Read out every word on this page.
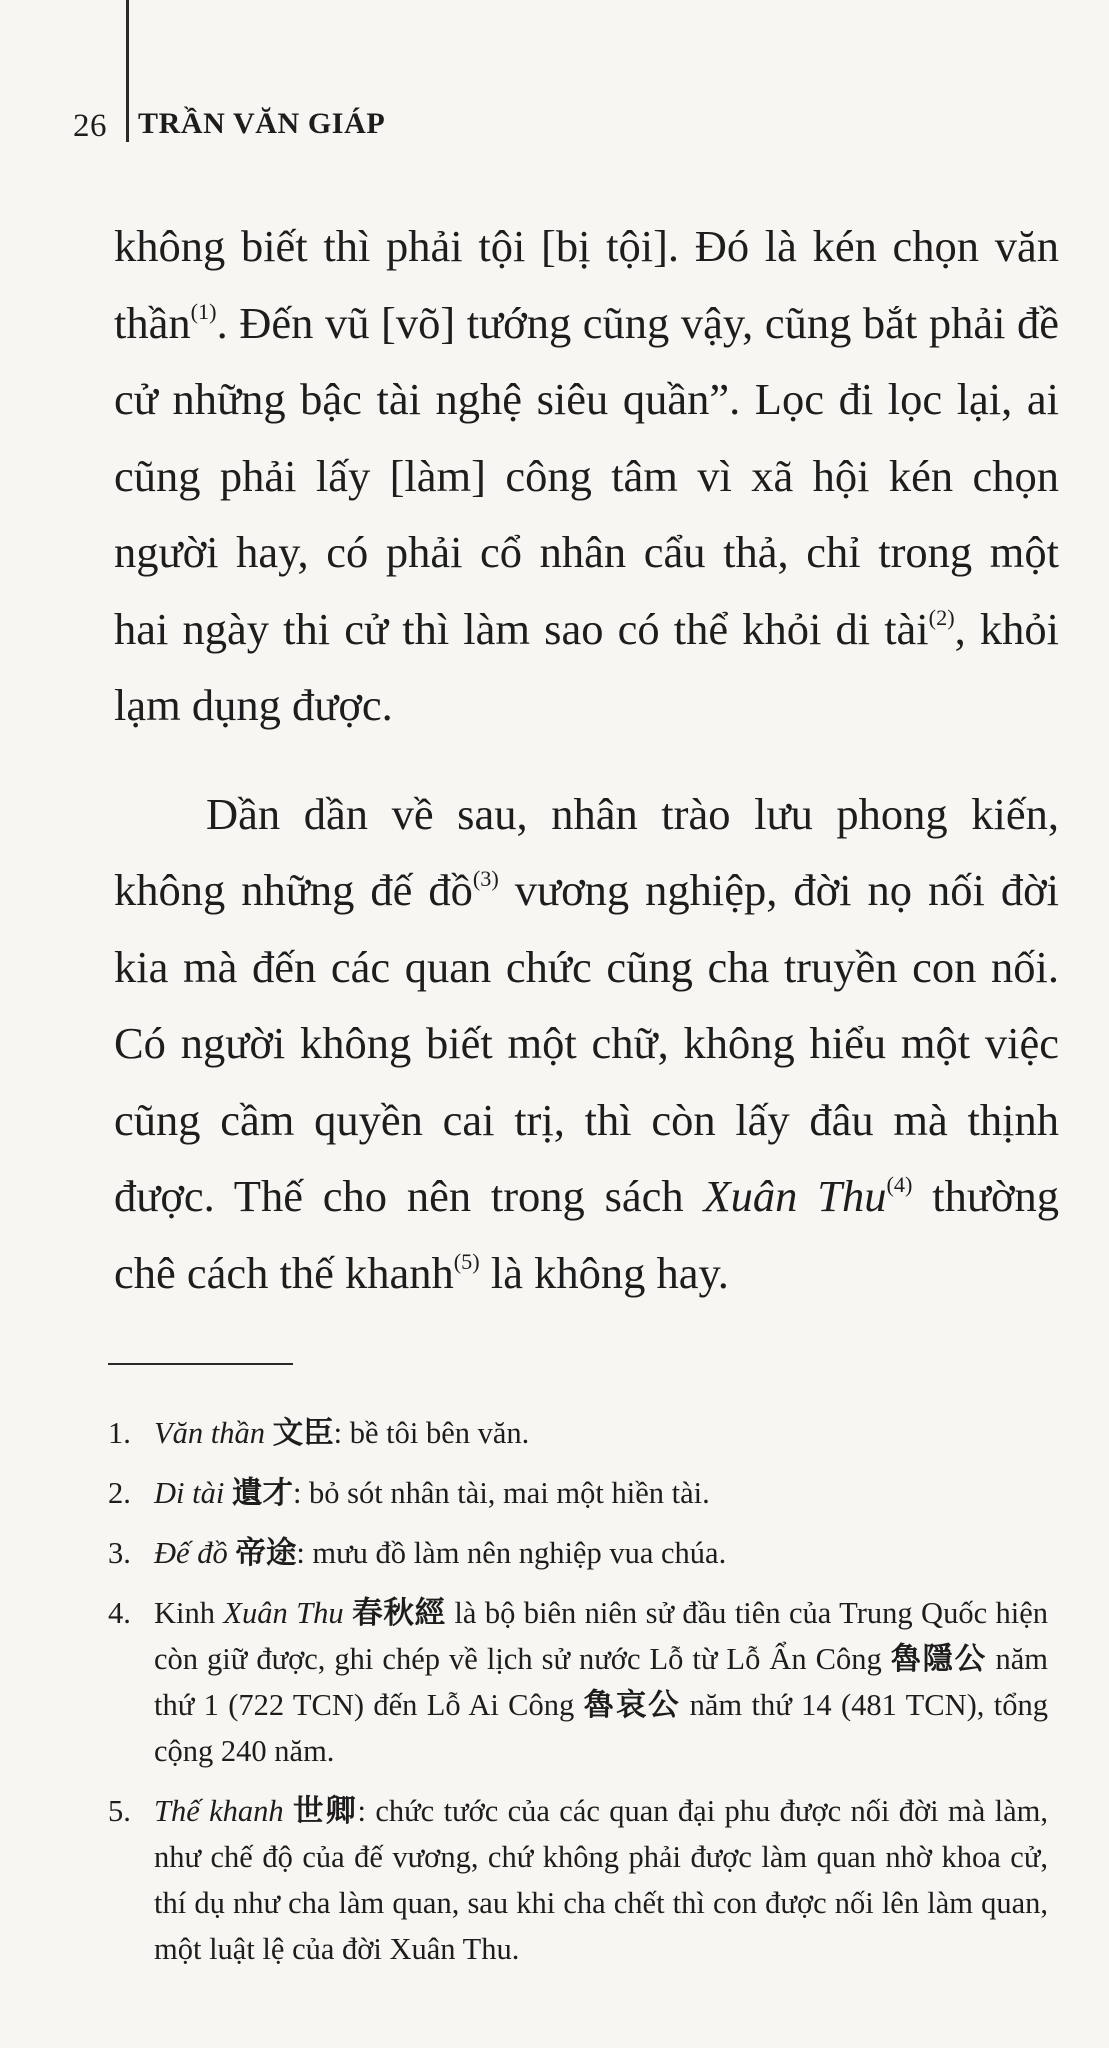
26 TRẦN VĂN GIÁP

không biết thì phải tội [bị tội]. Đó là kén chọn văn thần$^{(1)}$. Đến vũ [võ] tướng cũng vậy, cũng bắt phải đề cử những bậc tài nghệ siêu quần”. Lọc đi lọc lại, ai cũng phải lấy [làm] công tâm vì xã hội kén chọn người hay, có phải cổ nhân cẩu thả, chỉ trong một hai ngày thi cử thì làm sao có thể khỏi di tài$^{(2)}$, khỏi lạm dụng được.

Dần dần về sau, nhân trào lưu phong kiến, không những đế đồ$^{(3)}$ vương nghiệp, đời nọ nối đời kia mà đến các quan chức cũng cha truyền con nối. Có người không biết một chữ, không hiểu một việc cũng cầm quyền cai trị, thì còn lấy đâu mà thịnh được. Thế cho nên trong sách Xuân Thu$^{(4)}$ thường chê cách thế khanh$^{(5)}$ là không hay.

1. Văn thần 文臣: bề tôi bên văn.
2. Di tài 遺才: bỏ sót nhân tài, mai một hiền tài.
3. Đế đồ 帝途: mưu đồ làm nên nghiệp vua chúa.
4. Kinh Xuân Thu 春秋經 là bộ biên niên sử đầu tiên của Trung Quốc hiện còn giữ được, ghi chép về lịch sử nước Lỗ từ Lỗ Ẩn Công 魯隱公 năm thứ 1 (722 TCN) đến Lỗ Ai Công 魯哀公 năm thứ 14 (481 TCN), tổng cộng 240 năm.
5. Thế khanh 世卿: chức tước của các quan đại phu được nối đời mà làm, như chế độ của đế vương, chứ không phải được làm quan nhờ khoa cử, thí dụ như cha làm quan, sau khi cha chết thì con được nối lên làm quan, một luật lệ của đời Xuân Thu.
